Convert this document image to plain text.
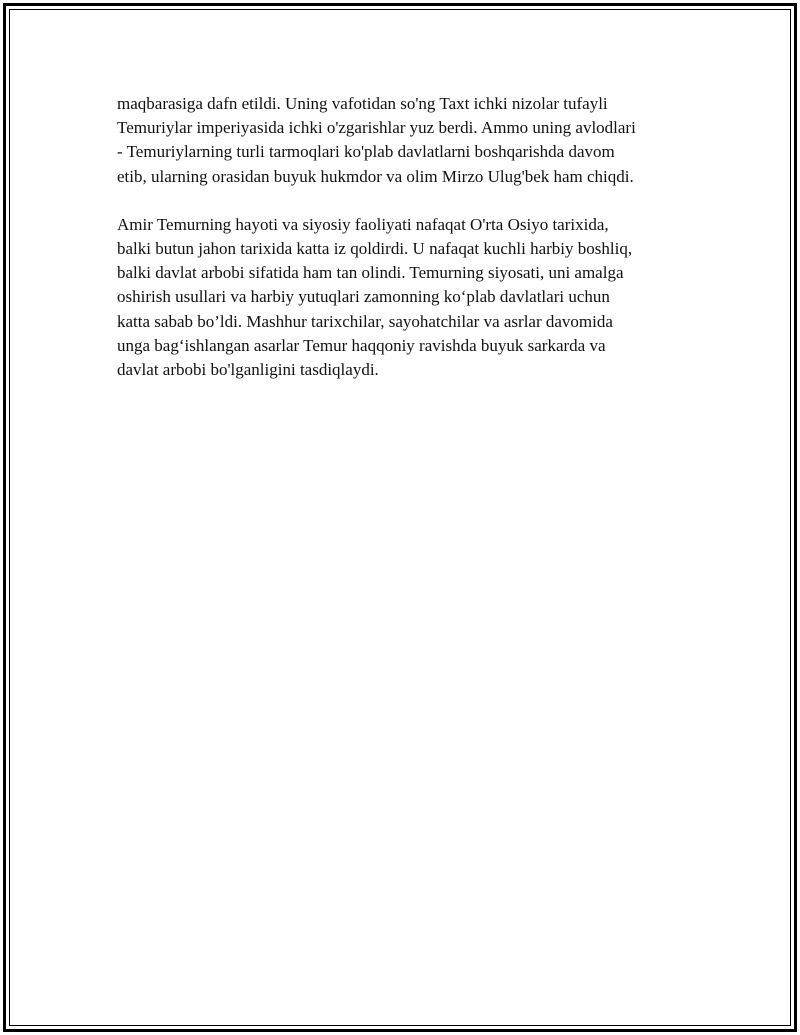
maqbarasiga dafn etildi. Uning vafotidan so'ng Taxt ichki nizolar tufayli
Temuriylar imperiyasida ichki o'zgarishlar yuz berdi. Ammo uning avlodlari
- Temuriylarning turli tarmoqlari ko'plab davlatlarni boshqarishda davom
etib, ularning orasidan buyuk hukmdor va olim Mirzo Ulug'bek ham chiqdi.

Amir Temurning hayoti va siyosiy faoliyati nafaqat O'rta Osiyo tarixida,
balki butun jahon tarixida katta iz qoldirdi. U nafaqat kuchli harbiy boshliq,
balki davlat arbobi sifatida ham tan olindi. Temurning siyosati, uni amalga
oshirish usullari va harbiy yutuqlari zamonning koʻplab davlatlari uchun
katta sabab bo’ldi. Mashhur tarixchilar, sayohatchilar va asrlar davomida
unga bagʻishlangan asarlar Temur haqqoniy ravishda buyuk sarkarda va
davlat arbobi bo'lganligini tasdiqlaydi.
